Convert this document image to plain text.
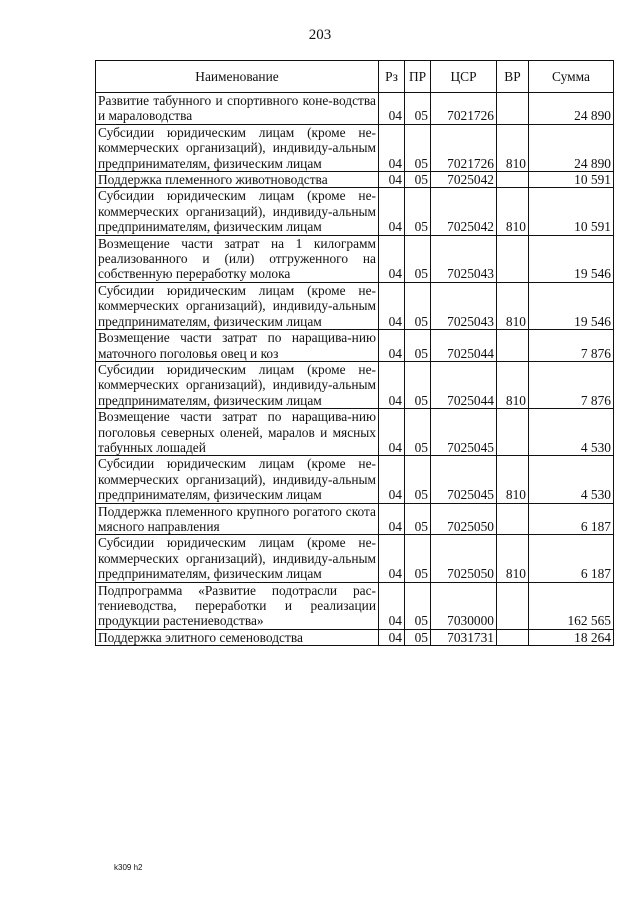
203
Наименование	Рз	ПР	ЦСР	ВР	Сумма
Развитие табунного и спортивного конe-водства и мараловодства	04	05	7021726		24 890
Субсидии юридическим лицам (кроме не-коммерческих организаций), индивиду-альным предпринимателям, физическим лицам	04	05	7021726	810	24 890
Поддержка племенного животноводства	04	05	7025042		10 591
Субсидии юридическим лицам (кроме не-коммерческих организаций), индивиду-альным предпринимателям, физическим лицам	04	05	7025042	810	10 591
Возмещение части затрат на 1 килограмм реализованного и (или) отгруженного на собственную переработку молока	04	05	7025043		19 546
Субсидии юридическим лицам (кроме не-коммерческих организаций), индивиду-альным предпринимателям, физическим лицам	04	05	7025043	810	19 546
Возмещение части затрат по наращива-нию маточного поголовья овец и коз	04	05	7025044		7 876
Субсидии юридическим лицам (кроме не-коммерческих организаций), индивиду-альным предпринимателям, физическим лицам	04	05	7025044	810	7 876
Возмещение части затрат по наращива-нию поголовья северных оленей, маралов и мясных табунных лошадей	04	05	7025045		4 530
Субсидии юридическим лицам (кроме не-коммерческих организаций), индивиду-альным предпринимателям, физическим лицам	04	05	7025045	810	4 530
Поддержка племенного крупного рогатого скота мясного направления	04	05	7025050		6 187
Субсидии юридическим лицам (кроме не-коммерческих организаций), индивиду-альным предпринимателям, физическим лицам	04	05	7025050	810	6 187
Подпрограмма «Развитие подотрасли рас-тениеводства, переработки и реализации продукции растениеводства»	04	05	7030000		162 565
Поддержка элитного семеноводства	04	05	7031731		18 264
k309 h2
